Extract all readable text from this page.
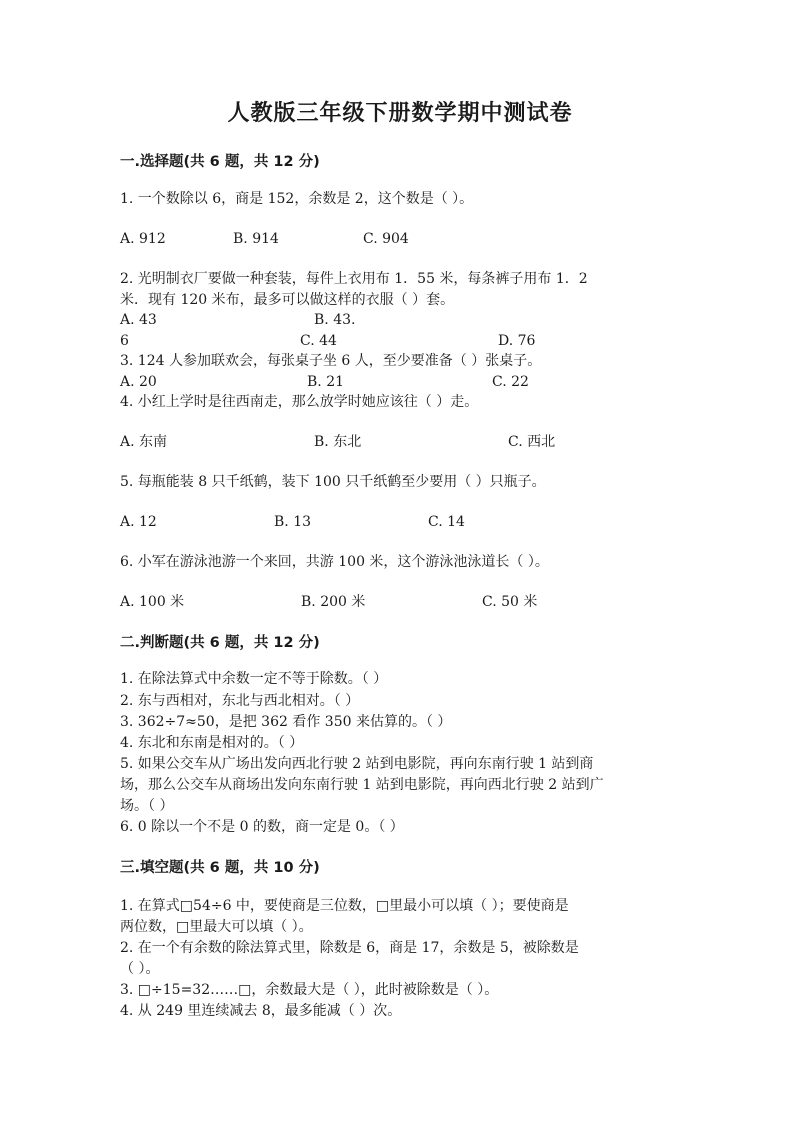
人教版三年级下册数学期中测试卷
一.选择题(共 6 题，共 12 分)
1. 一个数除以 6，商是 152，余数是 2，这个数是（ ）。
A. 912	B. 914	C. 904
2. 光明制衣厂要做一种套装，每件上衣用布 1．55 米，每条裤子用布 1．2
米．现有 120 米布，最多可以做这样的衣服（ ）套。
A. 43	B. 43.
6	C. 44	D. 76
3. 124 人参加联欢会，每张桌子坐 6 人，至少要准备（ ）张桌子。
A. 20	B. 21	C. 22
4. 小红上学时是往西南走，那么放学时她应该往（ ）走。
A. 东南	B. 东北	C. 西北
5. 每瓶能装 8 只千纸鹤，装下 100 只千纸鹤至少要用（ ）只瓶子。
A. 12	B. 13	C. 14
6. 小军在游泳池游一个来回，共游 100 米，这个游泳池泳道长（ ）。
A. 100 米	B. 200 米	C. 50 米
二.判断题(共 6 题，共 12 分)
1. 在除法算式中余数一定不等于除数。（ ）
2. 东与西相对，东北与西北相对。（ ）
3. 362÷7≈50，是把 362 看作 350 来估算的。（ ）
4. 东北和东南是相对的。（ ）
5. 如果公交车从广场出发向西北行驶 2 站到电影院，再向东南行驶 1 站到商
场，那么公交车从商场出发向东南行驶 1 站到电影院，再向西北行驶 2 站到广
场。（ ）
6. 0 除以一个不是 0 的数，商一定是 0。（ ）
三.填空题(共 6 题，共 10 分)
1. 在算式□54÷6 中，要使商是三位数，□里最小可以填（ ）；要使商是
两位数，□里最大可以填（ ）。
2. 在一个有余数的除法算式里，除数是 6，商是 17，余数是 5，被除数是
（ ）。
3. □÷15=32……□，余数最大是（ ），此时被除数是（ ）。
4. 从 249 里连续减去 8，最多能减（ ）次。
